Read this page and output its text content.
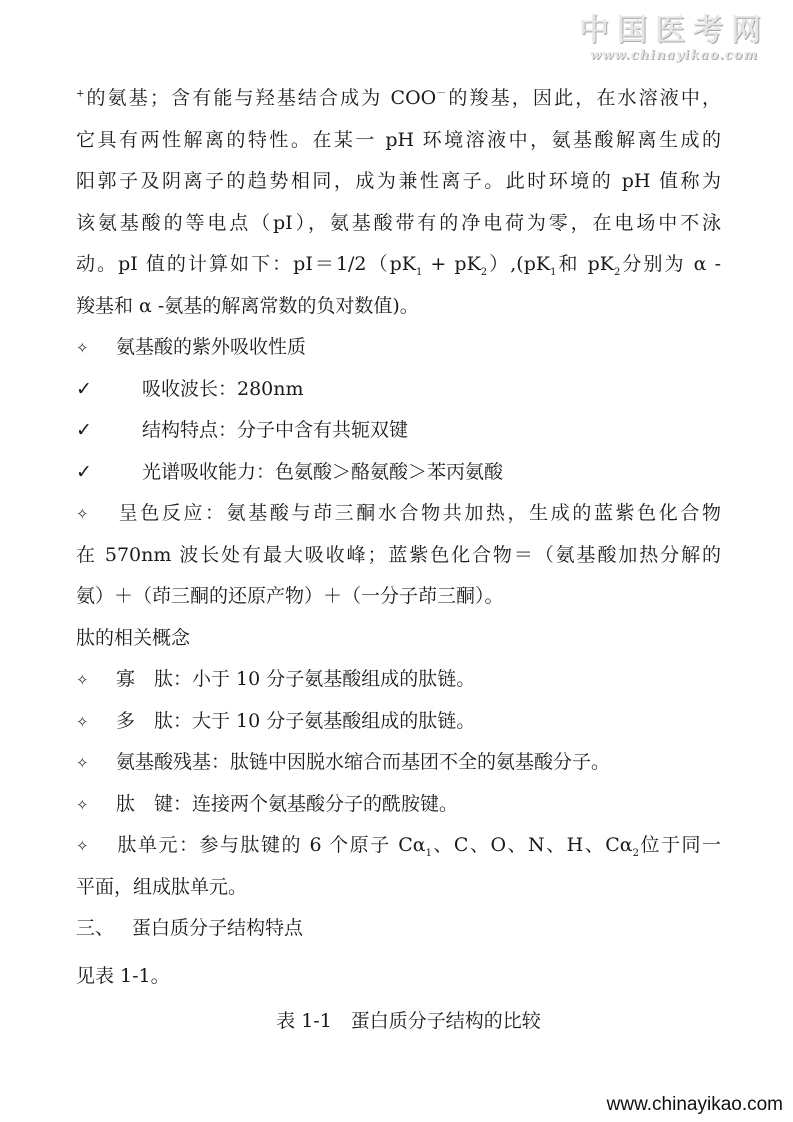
中国医考网
www.chinayikao.com
+的氨基；含有能与羟基结合成为 COO－的羧基，因此，在水溶液中，
它具有两性解离的特性。在某一 pH 环境溶液中，氨基酸解离生成的
阳郭子及阴离子的趋势相同，成为兼性离子。此时环境的 pH 值称为
该氨基酸的等电点（pI），氨基酸带有的净电荷为零，在电场中不泳
动。pI 值的计算如下：$pI=1/2(pK_1 + pK_2),(pK_1$和 $pK_2$分别为 α -
羧基和 α -氨基的解离常数的负对数值)。
✧ 氨基酸的紫外吸收性质
✓	吸收波长：280nm
✓	结构特点：分子中含有共轭双键
✓	光谱吸收能力：色氨酸＞酪氨酸＞苯丙氨酸
✧ 呈色反应：氨基酸与茚三酮水合物共加热，生成的蓝紫色化合物
在 570nm 波长处有最大吸收峰；蓝紫色化合物＝（氨基酸加热分解的
氨）＋（茚三酮的还原产物）＋（一分子茚三酮）。
肽的相关概念
✧ 寡　肽：小于 10 分子氨基酸组成的肽链。
✧ 多　肽：大于 10 分子氨基酸组成的肽链。
✧ 氨基酸残基：肽链中因脱水缩合而基团不全的氨基酸分子。
✧ 肽　键：连接两个氨基酸分子的酰胺键。
✧ 肽单元：参与肽键的 6 个原子 $C\alpha_1$、C、O、N、H、$C\alpha_2$位于同一
平面，组成肽单元。
三、 蛋白质分子结构特点
见表 1-1。
表 1-1　蛋白质分子结构的比较
www.chinayikao.com
